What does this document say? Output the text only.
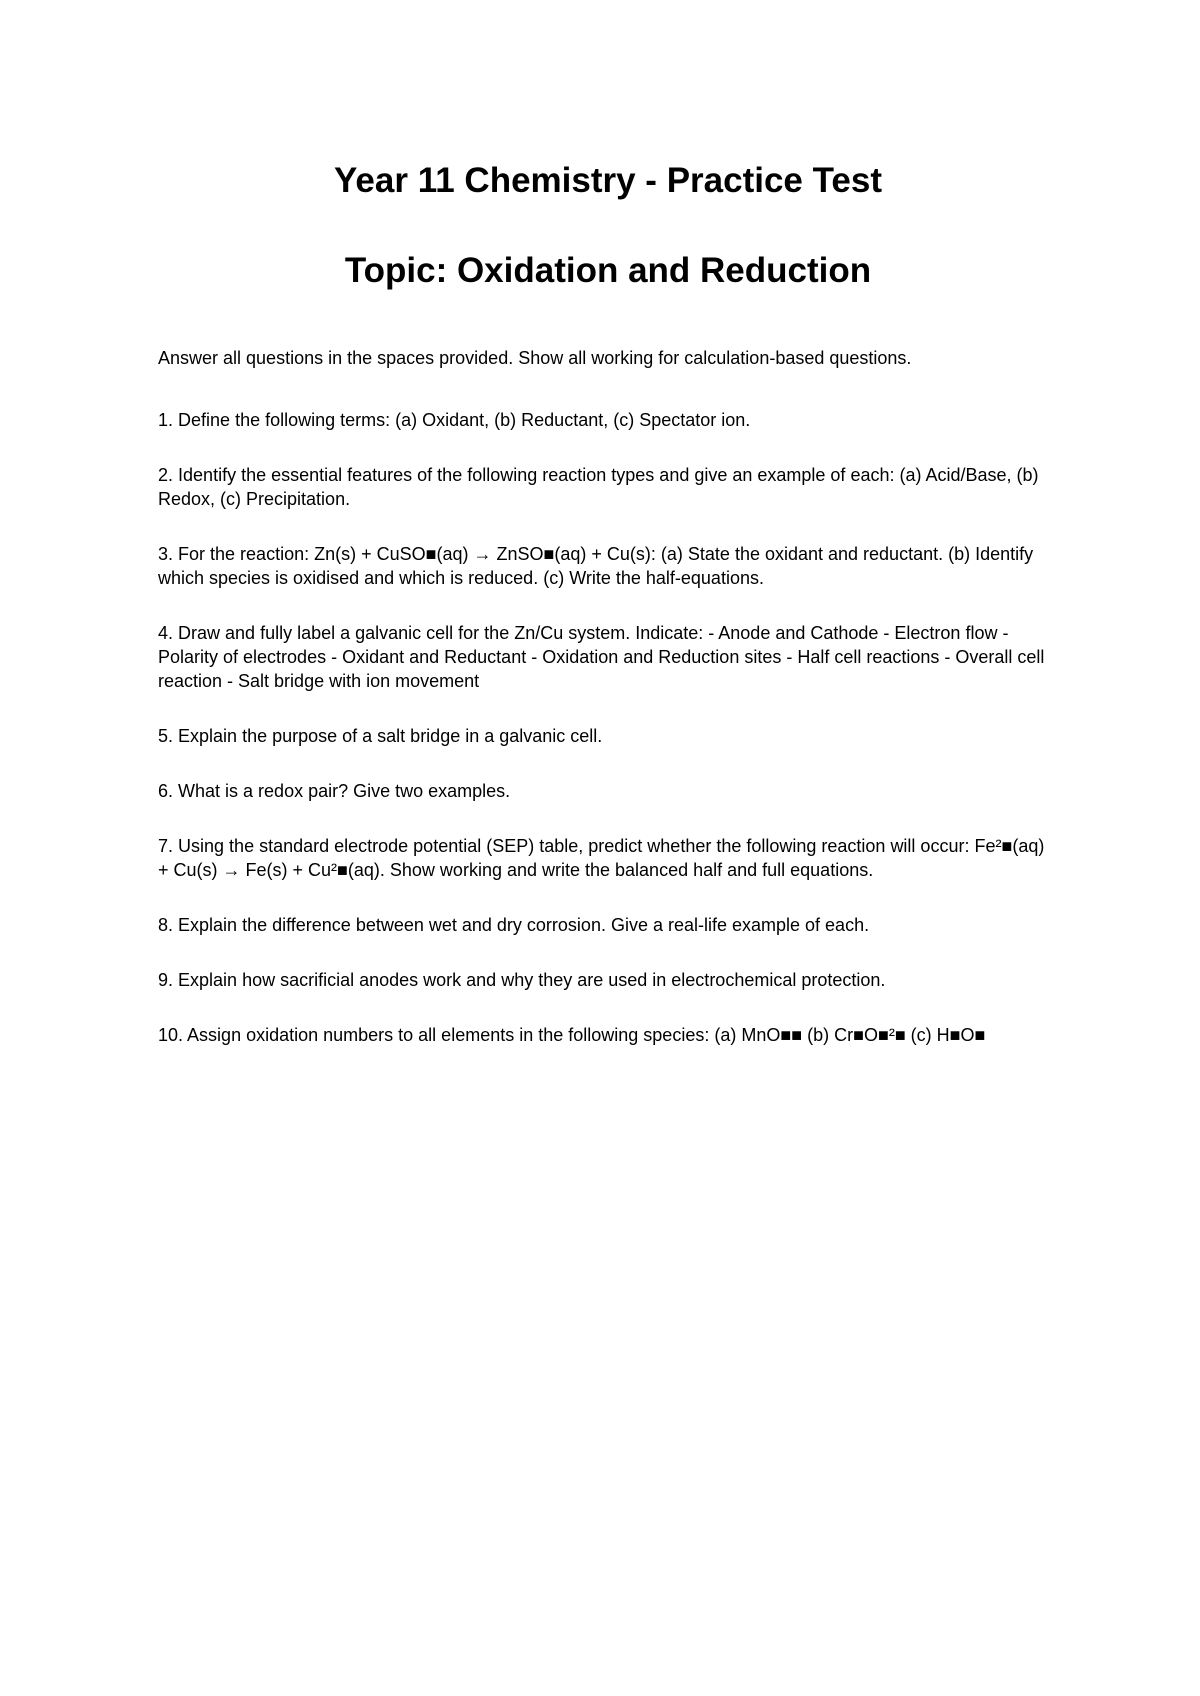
Year 11 Chemistry - Practice Test
Topic: Oxidation and Reduction

Answer all questions in the spaces provided. Show all working for calculation-based questions.

1. Define the following terms: (a) Oxidant, (b) Reductant, (c) Spectator ion.
2. Identify the essential features of the following reaction types and give an example of each: (a) Acid/Base, (b) Redox, (c) Precipitation.
3. For the reaction: Zn(s) + CuSO■(aq) → ZnSO■(aq) + Cu(s): (a) State the oxidant and reductant. (b) Identify which species is oxidised and which is reduced. (c) Write the half-equations.
4. Draw and fully label a galvanic cell for the Zn/Cu system. Indicate: - Anode and Cathode - Electron flow - Polarity of electrodes - Oxidant and Reductant - Oxidation and Reduction sites - Half cell reactions - Overall cell reaction - Salt bridge with ion movement
5. Explain the purpose of a salt bridge in a galvanic cell.
6. What is a redox pair? Give two examples.
7. Using the standard electrode potential (SEP) table, predict whether the following reaction will occur: Fe²■(aq) + Cu(s) → Fe(s) + Cu²■(aq). Show working and write the balanced half and full equations.
8. Explain the difference between wet and dry corrosion. Give a real-life example of each.
9. Explain how sacrificial anodes work and why they are used in electrochemical protection.
10. Assign oxidation numbers to all elements in the following species: (a) MnO■■ (b) Cr■O■²■ (c) H■O■
